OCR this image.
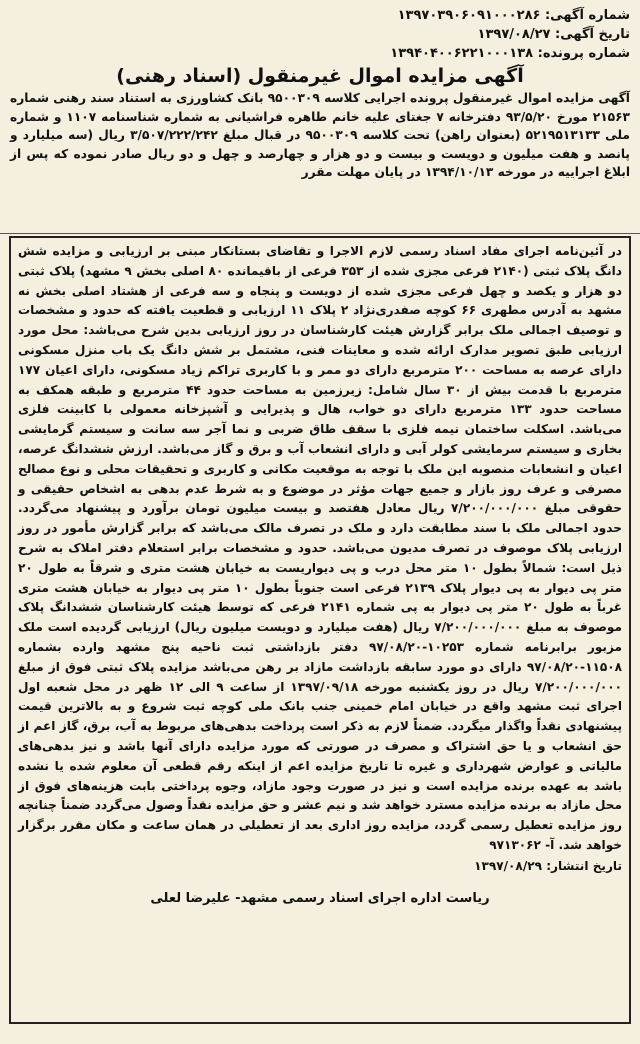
شماره آگهی: ۱۳۹۷۰۳۹۰۶۰۹۱۰۰۰۲۸۶
تاریخ آگهی: ۱۳۹۷/۰۸/۲۷
شماره پرونده: ۱۳۹۴۰۴۰۰۶۲۲۱۰۰۰۱۳۸
آگهی مزایده اموال غیرمنقول (اسناد رهنی)

آگهی مزایده اموال غیرمنقول پرونده اجرایی کلاسه ۹۵۰۰۳۰۹ بانک کشاورزی به استناد سند رهنی شماره ۲۱۵۶۳ مورخ ۹۳/۵/۲۰ دفترخانه ۷ جغتای علیه خانم طاهره فراشیانی به شماره شناسنامه ۱۱۰۷ و شماره ملی ۵۲۱۹۵۱۳۱۳۳ (بعنوان راهن) تحت کلاسه ۹۵۰۰۳۰۹ در قبال مبلغ ۳/۵۰۷/۲۲۲/۲۴۲ ریال (سه میلیارد و پانصد و هفت میلیون و دویست و بیست و دو هزار و چهارصد و چهل و دو ریال صادر نموده که پس از ابلاغ اجراییه در مورخه ۱۳۹۴/۱۰/۱۳ در پایان مهلت مقرر

در آئین‌نامه اجرای مفاد اسناد رسمی لازم الاجرا و تقاضای بستانکار مبنی بر ارزیابی و مزایده شش دانگ پلاک ثبتی (۲۱۴۰ فرعی مجزی شده از ۳۵۳ فرعی از باقیمانده ۸۰ اصلی بخش ۹ مشهد) پلاک ثبتی دو هزار و یکصد و چهل فرعی مجزی شده از دویست و پنجاه و سه فرعی از هشتاد اصلی بخش نه مشهد به آدرس مطهری ۶۶ کوچه صفدری‌نژاد ۲ پلاک ۱۱ ارزیابی و قطعیت یافته که حدود و مشخصات و توصیف اجمالی ملک برابر گزارش هیئت کارشناسان در روز ارزیابی بدین شرح می‌باشد: محل مورد ارزیابی طبق تصویر مدارک ارائه شده و معاینات فنی، مشتمل بر شش دانگ یک باب منزل مسکونی دارای عرصه به مساحت ۲۰۰ مترمربع دارای دو ممر و با کاربری تراکم زیاد مسکونی، دارای اعیان ۱۷۷ مترمربع با قدمت بیش از ۳۰ سال شامل: زیرزمین به مساحت حدود ۴۴ مترمربع و طبقه همکف به مساحت حدود ۱۳۳ مترمربع دارای دو خواب، هال و پذیرایی و آشپزخانه معمولی با کابینت فلزی می‌باشد. اسکلت ساختمان نیمه فلزی با سقف طاق ضربی و نما آجر سه سانت و سیستم گرمایشی بخاری و سیستم سرمایشی کولر آبی و دارای انشعاب آب و برق و گاز می‌باشد. ارزش ششدانگ عرصه، اعیان و انشعابات منصوبه این ملک با توجه به موقعیت مکانی و کاربری و تحقیقات محلی و نوع مصالح مصرفی و عرف روز بازار و جمیع جهات مؤثر در موضوع و به شرط عدم بدهی به اشخاص حقیقی و حقوقی مبلغ ۷/۲۰۰/۰۰۰/۰۰۰ ریال معادل هفتصد و بیست میلیون تومان برآورد و پیشنهاد می‌گردد. حدود اجمالی ملک با سند مطابقت دارد و ملک در تصرف مالک می‌باشد که برابر گزارش مأمور در روز ارزیابی پلاک موصوف در تصرف مدیون می‌باشد. حدود و مشخصات برابر استعلام دفتر املاک به شرح ذیل است: شمالاً بطول ۱۰ متر محل درب و پی دیواریست به خیابان هشت متری و شرقاً به طول ۲۰ متر پی دیوار به پی دیوار پلاک ۲۱۳۹ فرعی است جنوباً بطول ۱۰ متر پی دیوار به خیابان هشت متری غرباً به طول ۲۰ متر پی دیوار به پی شماره ۲۱۴۱ فرعی که توسط هیئت کارشناسان ششدانگ پلاک موصوف به مبلغ ۷/۲۰۰/۰۰۰/۰۰۰ ریال (هفت میلیارد و دویست میلیون ریال) ارزیابی گردیده است ملک مزبور برابرنامه شماره ۱۰۲۵۳-۹۷/۰۸/۲۰ دفتر بازداشتی ثبت ناحیه پنج مشهد وارده بشماره ۱۱۵۰۸-۹۷/۰۸/۲۰ دارای دو مورد سابقه بازداشت مازاد بر رهن می‌باشد مزایده پلاک ثبتی فوق از مبلغ ۷/۲۰۰/۰۰۰/۰۰۰ ریال در روز یکشنبه مورخه ۱۳۹۷/۰۹/۱۸ از ساعت ۹ الی ۱۲ ظهر در محل شعبه اول اجرای ثبت مشهد واقع در خیابان امام خمینی جنب بانک ملی کوچه ثبت شروع و به بالاترین قیمت پیشنهادی نقداً واگذار میگردد. ضمناً لازم به ذکر است پرداخت بدهی‌های مربوط به آب، برق، گاز اعم از حق انشعاب و یا حق اشتراک و مصرف در صورتی که مورد مزایده دارای آنها باشد و نیز بدهی‌های مالیاتی و عوارض شهرداری و غیره تا تاریخ مزایده اعم از اینکه رقم قطعی آن معلوم شده یا نشده باشد به عهده برنده مزایده است و نیز در صورت وجود مازاد، وجوه پرداختی بابت هزینه‌های فوق از محل مازاد به برنده مزایده مسترد خواهد شد و نیم عشر و حق مزایده نقداً وصول می‌گردد ضمناً چنانچه روز مزایده تعطیل رسمی گردد، مزایده روز اداری بعد از تعطیلی در همان ساعت و مکان مقرر برگزار خواهد شد. آ- ۹۷۱۳۰۶۲

تاریخ انتشار: ۱۳۹۷/۰۸/۲۹
ریاست اداره اجرای اسناد رسمی مشهد- علیرضا لعلی
